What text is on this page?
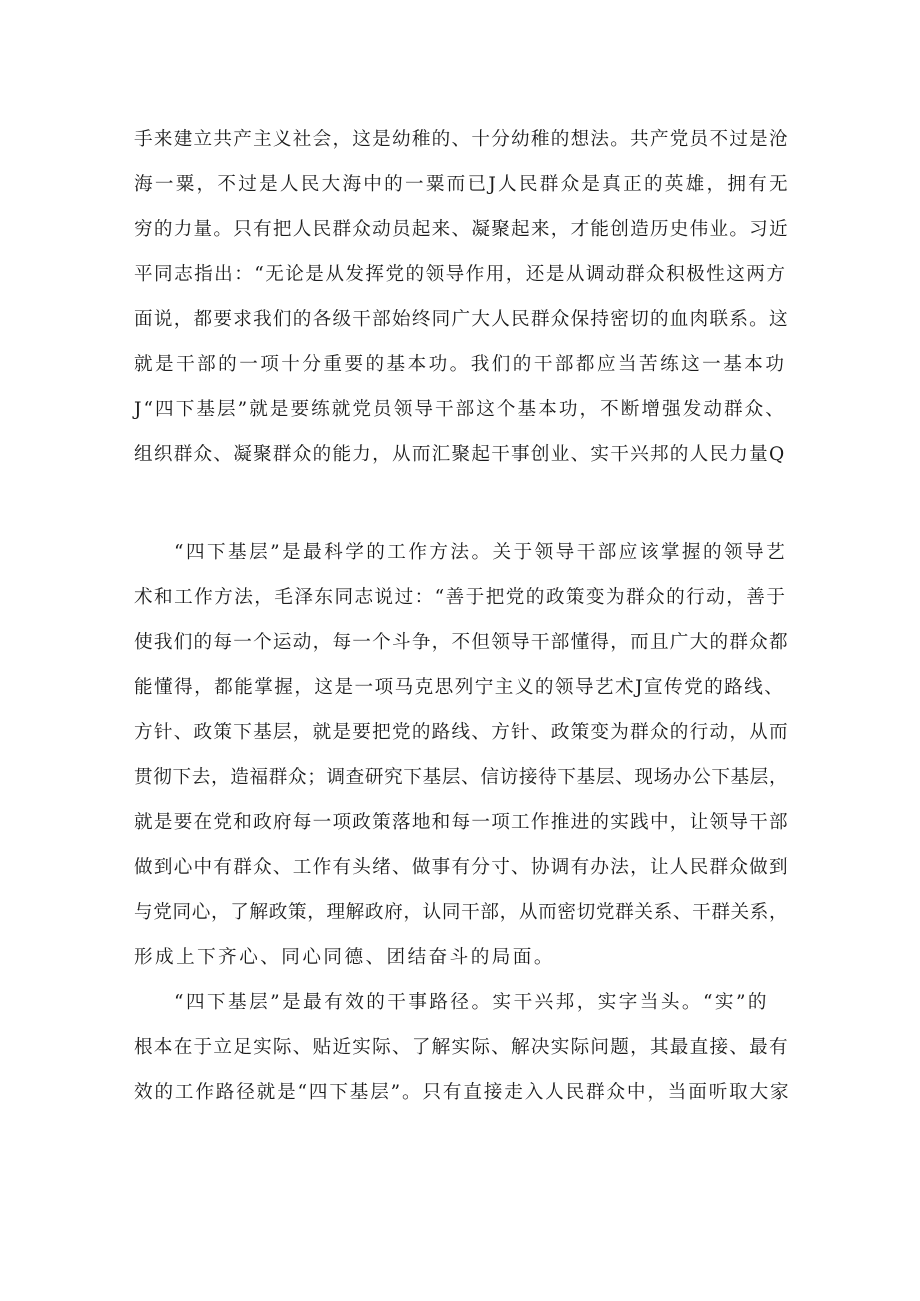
手来建立共产主义社会，这是幼稚的、十分幼稚的想法。共产党员不过是沧
海一粟，不过是人民大海中的一粟而已J人民群众是真正的英雄，拥有无
穷的力量。只有把人民群众动员起来、凝聚起来，才能创造历史伟业。习近
平同志指出：“无论是从发挥党的领导作用，还是从调动群众积极性这两方
面说，都要求我们的各级干部始终同广大人民群众保持密切的血肉联系。这
就是干部的一项十分重要的基本功。我们的干部都应当苦练这一基本功
J“四下基层”就是要练就党员领导干部这个基本功，不断增强发动群众、
组织群众、凝聚群众的能力，从而汇聚起干事创业、实干兴邦的人民力量Q
“四下基层”是最科学的工作方法。关于领导干部应该掌握的领导艺
术和工作方法，毛泽东同志说过：“善于把党的政策变为群众的行动，善于
使我们的每一个运动，每一个斗争，不但领导干部懂得，而且广大的群众都
能懂得，都能掌握，这是一项马克思列宁主义的领导艺术J宣传党的路线、
方针、政策下基层，就是要把党的路线、方针、政策变为群众的行动，从而
贯彻下去，造福群众；调查研究下基层、信访接待下基层、现场办公下基层，
就是要在党和政府每一项政策落地和每一项工作推进的实践中，让领导干部
做到心中有群众、工作有头绪、做事有分寸、协调有办法，让人民群众做到
与党同心，了解政策，理解政府，认同干部，从而密切党群关系、干群关系，
形成上下齐心、同心同德、团结奋斗的局面。
“四下基层”是最有效的干事路径。实干兴邦，实字当头。“实”的
根本在于立足实际、贴近实际、了解实际、解决实际问题，其最直接、最有
效的工作路径就是“四下基层”。只有直接走入人民群众中，当面听取大家
